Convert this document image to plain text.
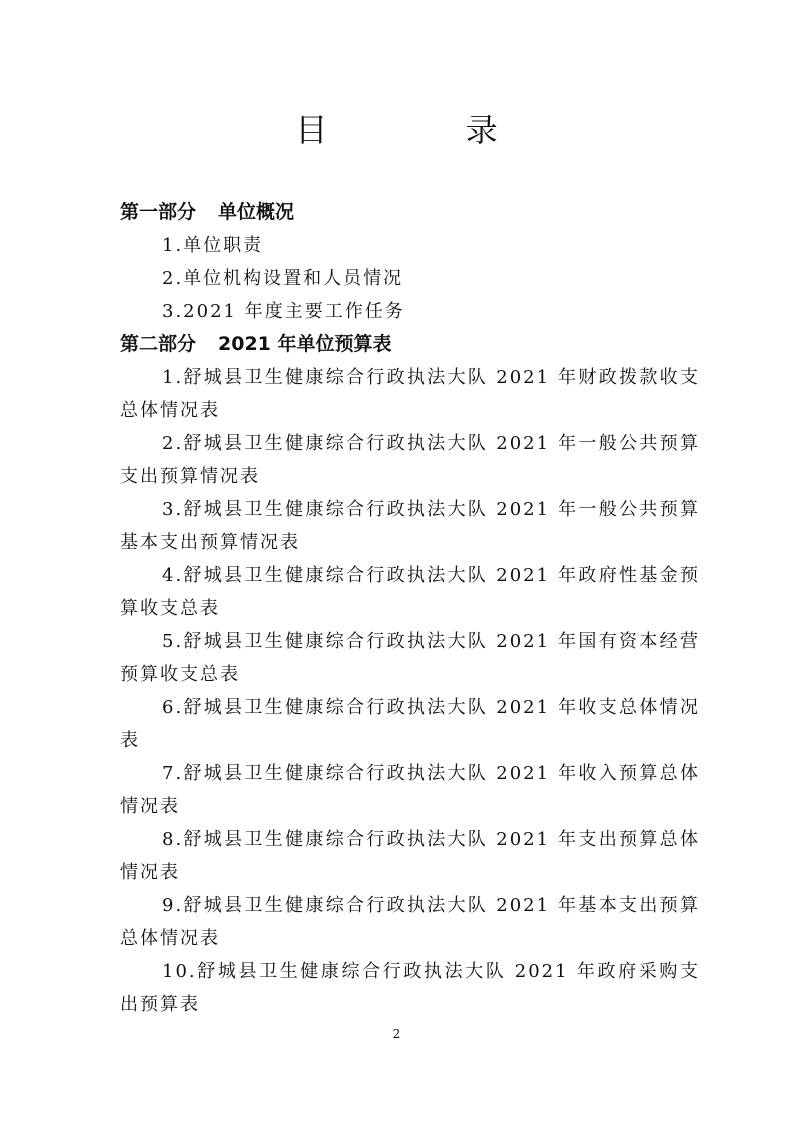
目 录
第一部分 单位概况
1.单位职责
2.单位机构设置和人员情况
3.2021 年度主要工作任务
第二部分 2021 年单位预算表
1.舒城县卫生健康综合行政执法大队 2021 年财政拨款收支总体情况表
2.舒城县卫生健康综合行政执法大队 2021 年一般公共预算支出预算情况表
3.舒城县卫生健康综合行政执法大队 2021 年一般公共预算基本支出预算情况表
4.舒城县卫生健康综合行政执法大队 2021 年政府性基金预算收支总表
5.舒城县卫生健康综合行政执法大队 2021 年国有资本经营预算收支总表
6.舒城县卫生健康综合行政执法大队 2021 年收支总体情况表
7.舒城县卫生健康综合行政执法大队 2021 年收入预算总体情况表
8.舒城县卫生健康综合行政执法大队 2021 年支出预算总体情况表
9.舒城县卫生健康综合行政执法大队 2021 年基本支出预算总体情况表
10.舒城县卫生健康综合行政执法大队 2021 年政府采购支出预算表
2
